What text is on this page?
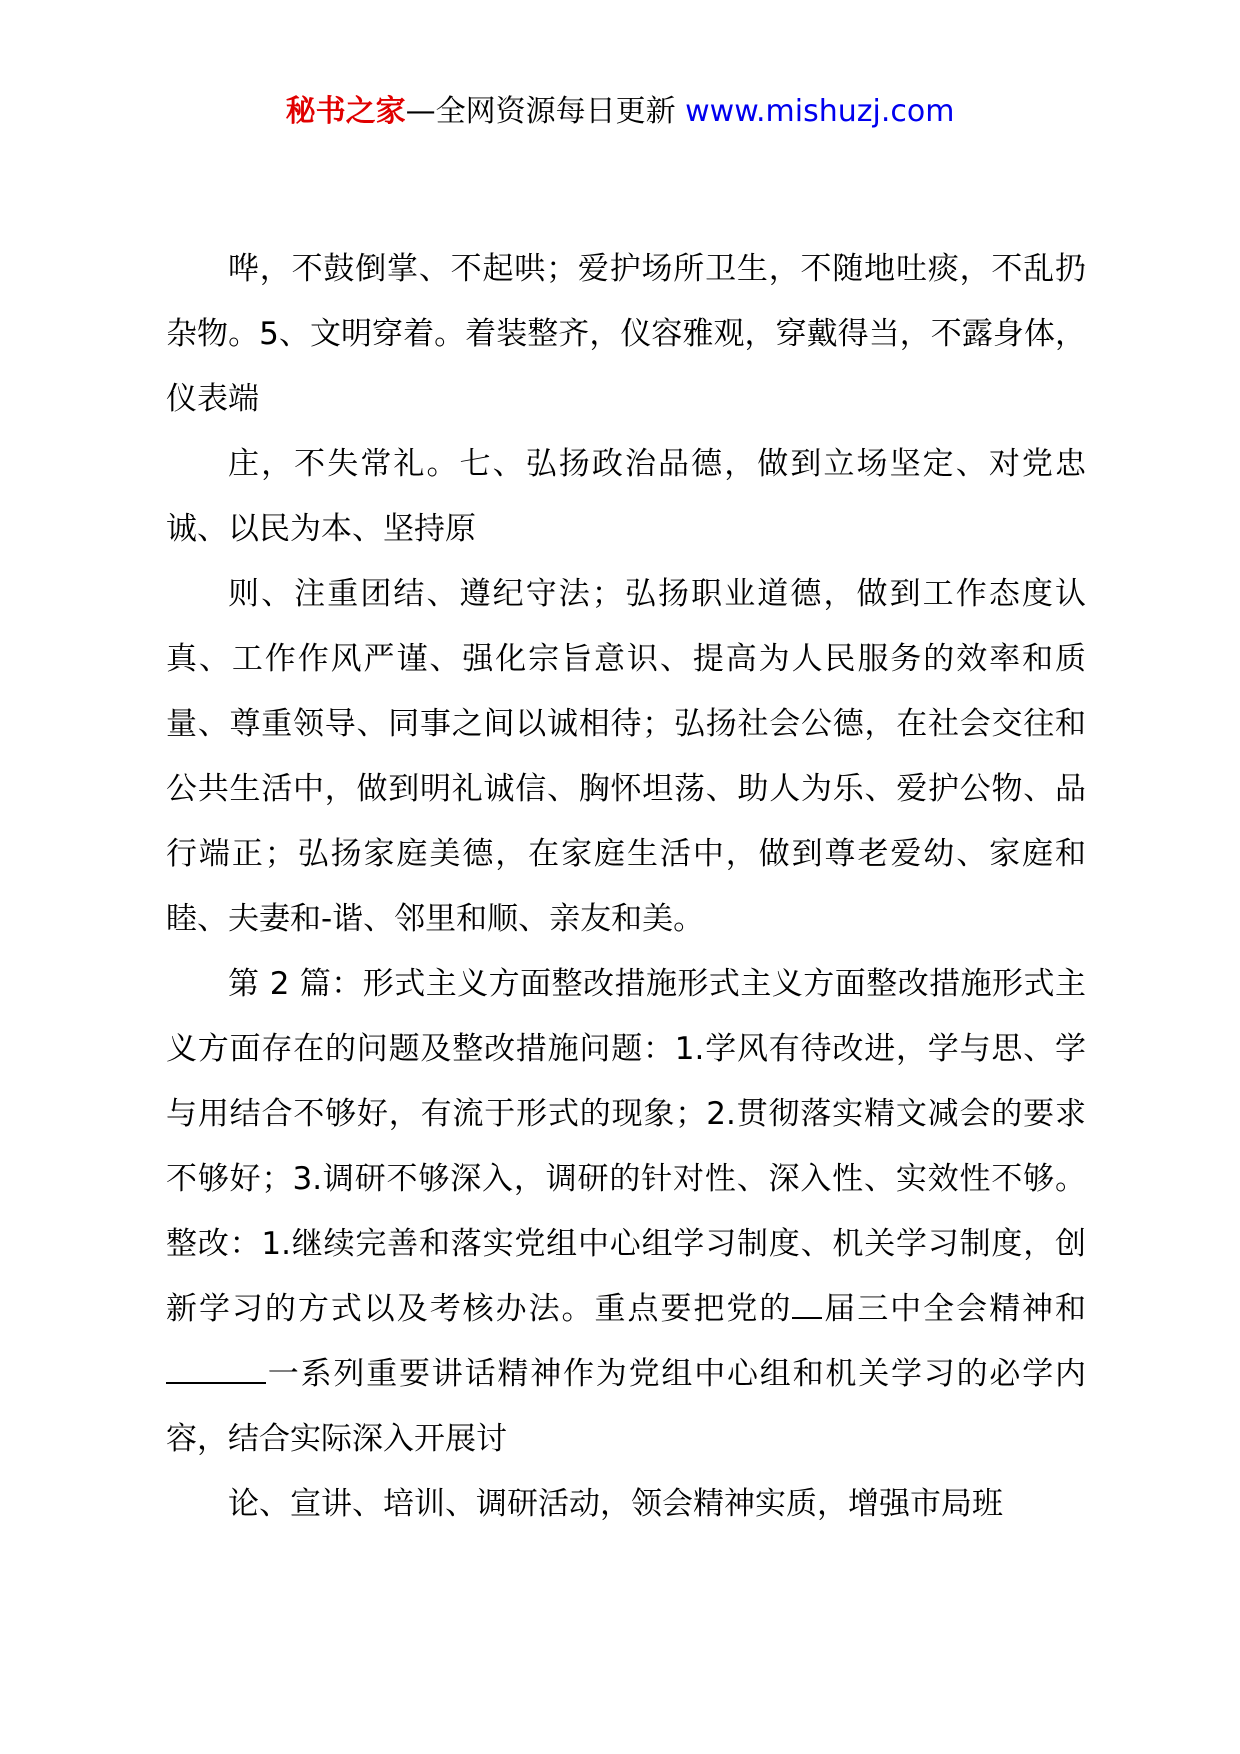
秘书之家—全网资源每日更新 www.mishuzj.com

哗，不鼓倒掌、不起哄；爱护场所卫生，不随地吐痰，不乱扔杂物。5、文明穿着。着装整齐，仪容雅观，穿戴得当，不露身体，仪表端

庄，不失常礼。七、弘扬政治品德，做到立场坚定、对党忠诚、以民为本、坚持原

则、注重团结、遵纪守法；弘扬职业道德，做到工作态度认真、工作作风严谨、强化宗旨意识、提高为人民服务的效率和质量、尊重领导、同事之间以诚相待；弘扬社会公德，在社会交往和公共生活中，做到明礼诚信、胸怀坦荡、助人为乐、爱护公物、品行端正；弘扬家庭美德，在家庭生活中，做到尊老爱幼、家庭和睦、夫妻和-谐、邻里和顺、亲友和美。

第 2 篇：形式主义方面整改措施形式主义方面整改措施形式主义方面存在的问题及整改措施问题：1.学风有待改进，学与思、学与用结合不够好，有流于形式的现象；2.贯彻落实精文减会的要求不够好；3.调研不够深入，调研的针对性、深入性、实效性不够。整改：1.继续完善和落实党组中心组学习制度、机关学习制度，创新学习的方式以及考核办法。重点要把党的 届三中全会精神和一系列重要讲话精神作为党组中心组和机关学习的必学内容，结合实际深入开展讨

论、宣讲、培训、调研活动，领会精神实质，增强市局班
